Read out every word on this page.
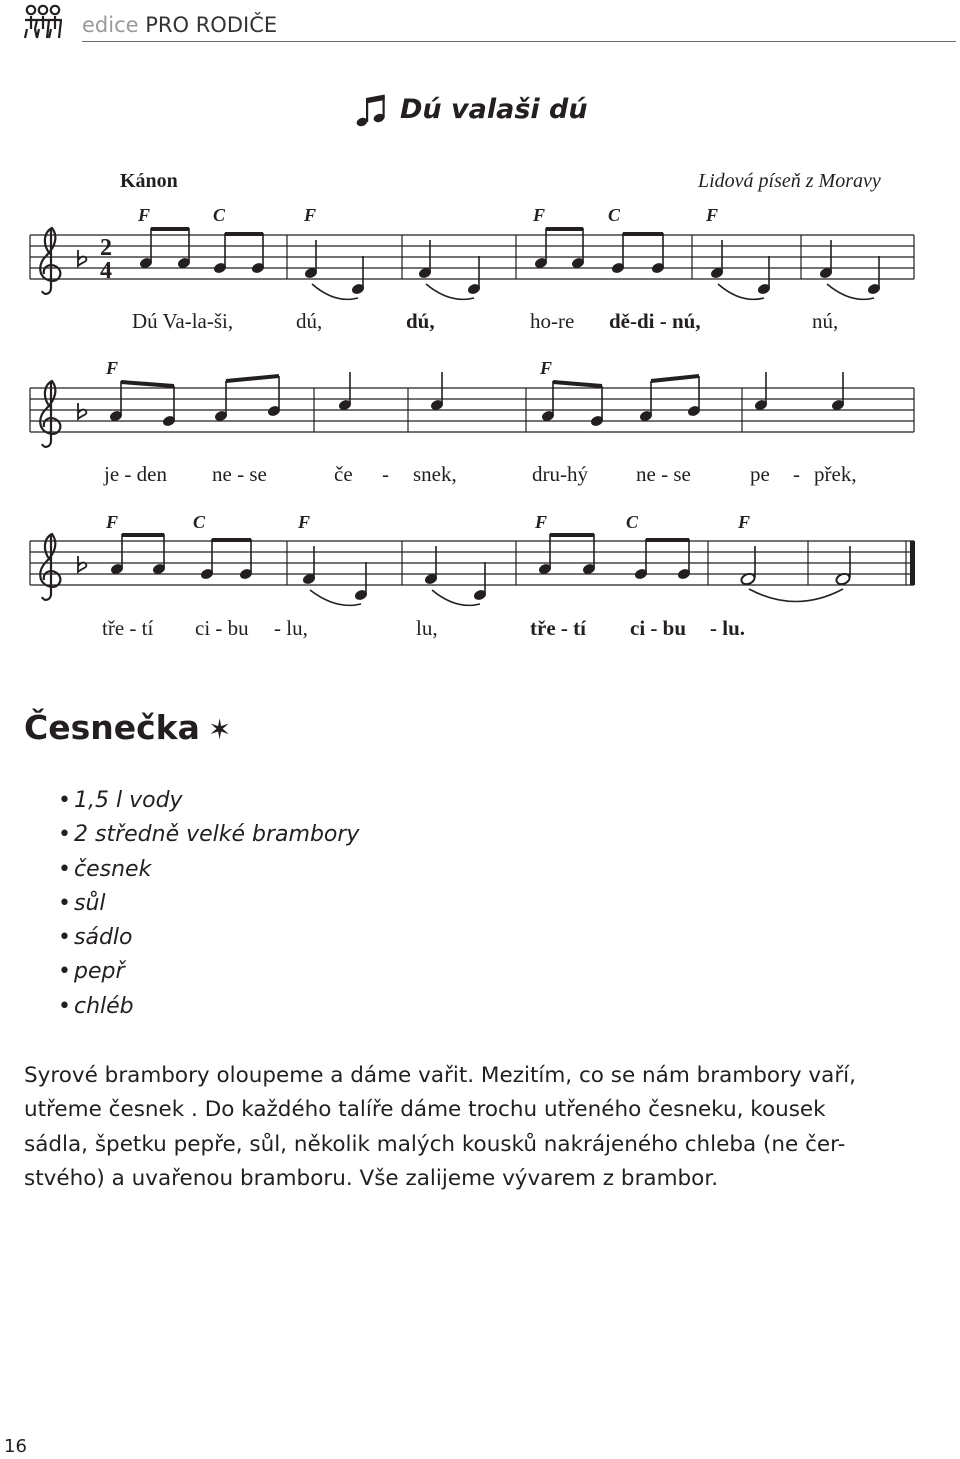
edice PRO RODIČE
Dú valaši dú
Kánon	Lidová píseň z Moravy
F	C	F	F	C	F
F	F
F	C	F	F	C	F
2
4
Dú Va-la-ši,	dú,	dú,	ho-re dě-di - nú,	nú,
je - den ne - se	če - snek,	dru-hý ne - se	pe - přek,
tře - tí ci - bu - lu,	lu,	tře - tí ci - bu - lu.
Česnečka ✶
• 1,5 l vody
• 2 středně velké brambory
• česnek
• sůl
• sádlo
• pepř
• chléb
Syrové brambory oloupeme a dáme vařit. Mezitím, co se nám brambory vaří,
utřeme česnek . Do každého talíře dáme trochu utřeného česneku, kousek
sádla, špetku pepře, sůl, několik malých kousků nakrájeného chleba (ne čer-
stvého) a uvařenou bramboru. Vše zalijeme vývarem z brambor.
16
